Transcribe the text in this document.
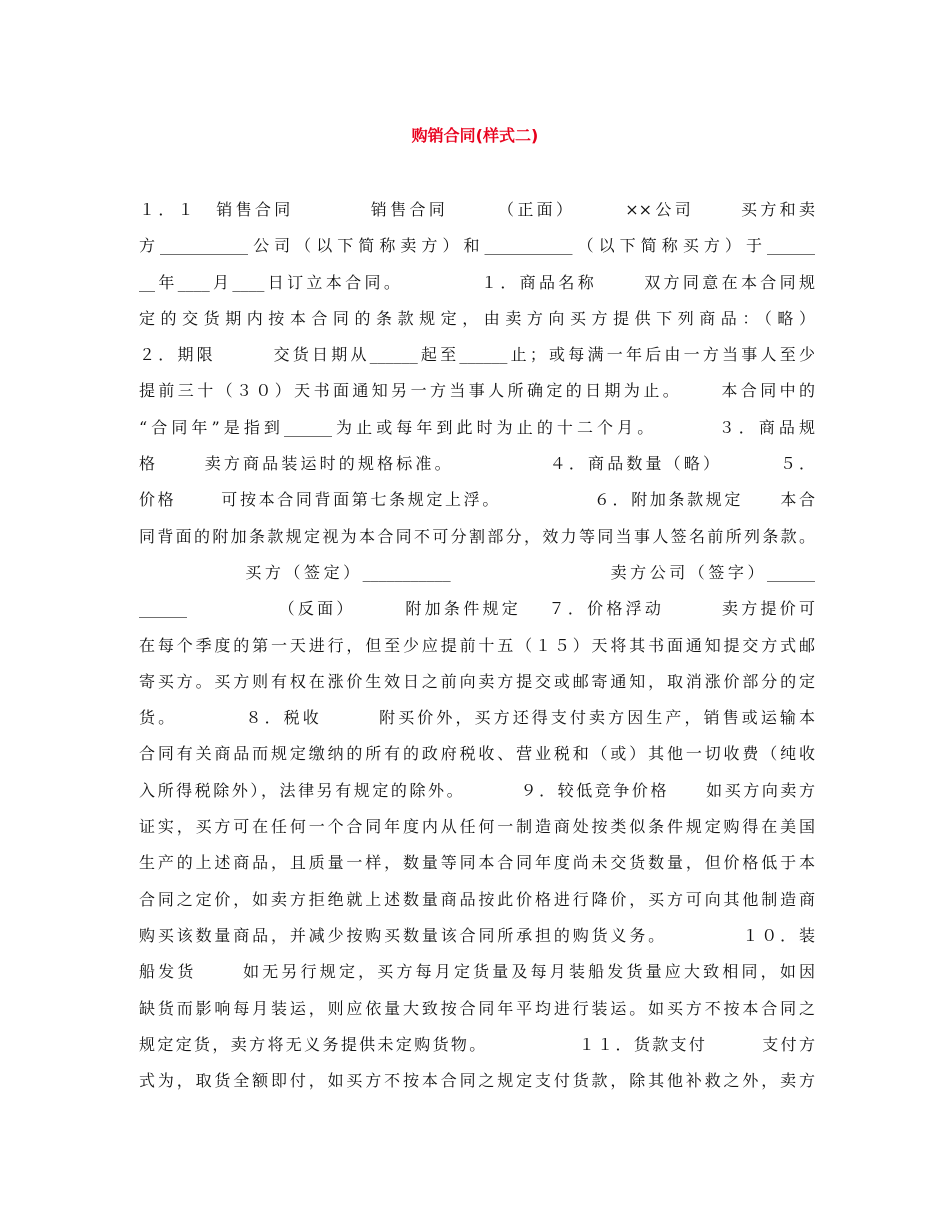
购销合同(样式二)
１．１　销售合同　　　　销售合同　　　（正面）　　　××公司　　 买方和卖
方___________公司（以下简称卖方）和___________（以下简称买方）于______
__年____月____日订立本合同。　　　　 １．商品名称　　 双方同意在本合同规
定的交货期内按本合同的条款规定，由卖方向买方提供下列商品：（略）
２．期限　　　交货日期从______起至______止；或每满一年后由一方当事人至少
提前三十（３０）天书面通知另一方当事人所确定的日期为止。　　 本合同中的
“合同年”是指到______为止或每年到此时为止的十二个月。　　　 ３．商品规
格　　 卖方商品装运时的规格标准。　　　　　 ４．商品数量（略）　　　 ５．
价格　　 可按本合同背面第七条规定上浮。　　　　　 ６．附加条款规定　　本合
同背面的附加条款规定视为本合同不可分割部分，效力等同当事人签名前所列条款。
　　　　　 买方（签定）___________　　　　　　　　卖方公司（签字）______
______　　　　　（反面）　　　附加条件规定　 ７．价格浮动　　　卖方提价可
在每个季度的第一天进行，但至少应提前十五（１５）天将其书面通知提交方式邮
寄买方。买方则有权在涨价生效日之前向卖方提交或邮寄通知，取消涨价部分的定
货。　　　　８．税收　　　附买价外，买方还得支付卖方因生产，销售或运输本
合同有关商品而规定缴纳的所有的政府税收、营业税和（或）其他一切收费（纯收
入所得税除外），法律另有规定的除外。　　　 ９．较低竞争价格　　如买方向卖方
证实，买方可在任何一个合同年度内从任何一制造商处按类似条件规定购得在美国
生产的上述商品，且质量一样，数量等同本合同年度尚未交货数量，但价格低于本
合同之定价，如卖方拒绝就上述数量商品按此价格进行降价，买方可向其他制造商
购买该数量商品，并减少按购买数量该合同所承担的购货义务。　　　　 １０．装
船发货　　 如无另行规定，买方每月定货量及每月装船发货量应大致相同，如因
缺货而影响每月装运，则应依量大致按合同年平均进行装运。如买方不按本合同之
规定定货，卖方将无义务提供未定购货物。　　　　　 １１．货款支付　　　支付方
式为，取货全额即付，如买方不按本合同之规定支付货款，除其他补救之外，卖方
